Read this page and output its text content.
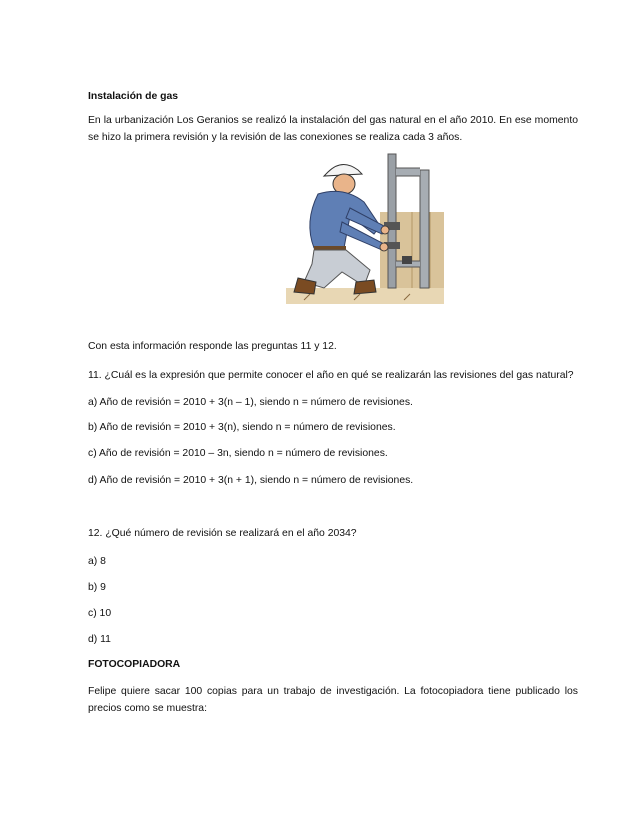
Instalación de gas

En la urbanización Los Geranios se realizó la instalación del gas natural en el año 2010. En ese momento se hizo la primera revisión y la revisión de las conexiones se realiza cada 3 años.

Con esta información responde las preguntas 11 y 12.

11. ¿Cuál es la expresión que permite conocer el año en qué se realizarán las revisiones del gas natural?

a) Año de revisión = 2010 + 3(n – 1), siendo n = número de revisiones.

b) Año de revisión = 2010 + 3(n), siendo n = número de revisiones.

c) Año de revisión = 2010 – 3n, siendo n = número de revisiones.

d) Año de revisión = 2010 + 3(n + 1), siendo n = número de revisiones.

12. ¿Qué número de revisión se realizará en el año 2034?

a) 8

b) 9

c) 10

d) 11

FOTOCOPIADORA

Felipe quiere sacar 100 copias para un trabajo de investigación. La fotocopiadora tiene publicado los precios como se muestra:
